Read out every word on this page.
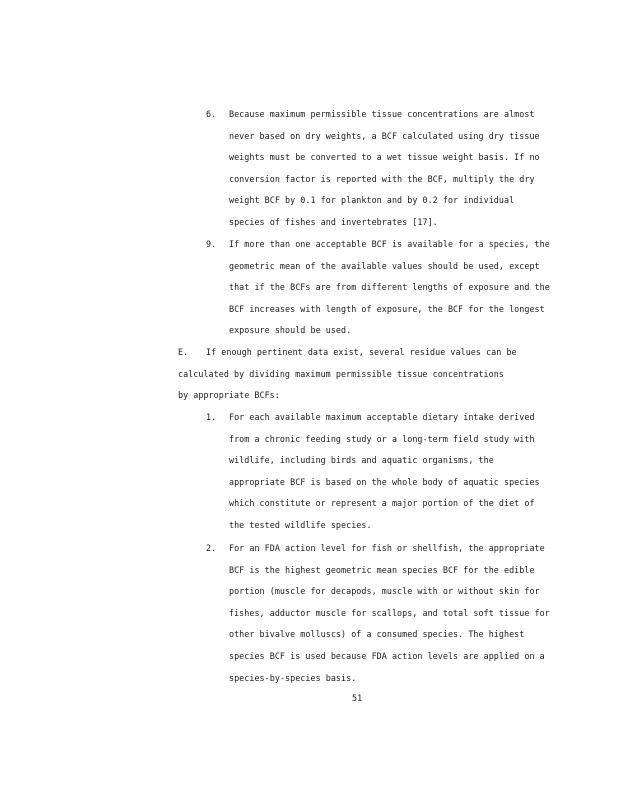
6. Because maximum permissible tissue concentrations are almost
never based on dry weights, a BCF calculated using dry tissue
weights must be converted to a wet tissue weight basis. If no
conversion factor is reported with the BCF, multiply the dry
weight BCF by 0.1 for plankton and by 0.2 for individual
species of fishes and invertebrates [17].
9. If more than one acceptable BCF is available for a species, the
geometric mean of the available values should be used, except
that if the BCFs are from different lengths of exposure and the
BCF increases with length of exposure, the BCF for the longest
exposure should be used.
E. If enough pertinent data exist, several residue values can be
calculated by dividing maximum permissible tissue concentrations
by appropriate BCFs:
1. For each available maximum acceptable dietary intake derived
from a chronic feeding study or a long-term field study with
wildlife, including birds and aquatic organisms, the
appropriate BCF is based on the whole body of aquatic species
which constitute or represent a major portion of the diet of
the tested wildlife species.
2. For an FDA action level for fish or shellfish, the appropriate
BCF is the highest geometric mean species BCF for the edible
portion (muscle for decapods, muscle with or without skin for
fishes, adductor muscle for scallops, and total soft tissue for
other bivalve molluscs) of a consumed species. The highest
species BCF is used because FDA action levels are applied on a
species-by-species basis.
51
